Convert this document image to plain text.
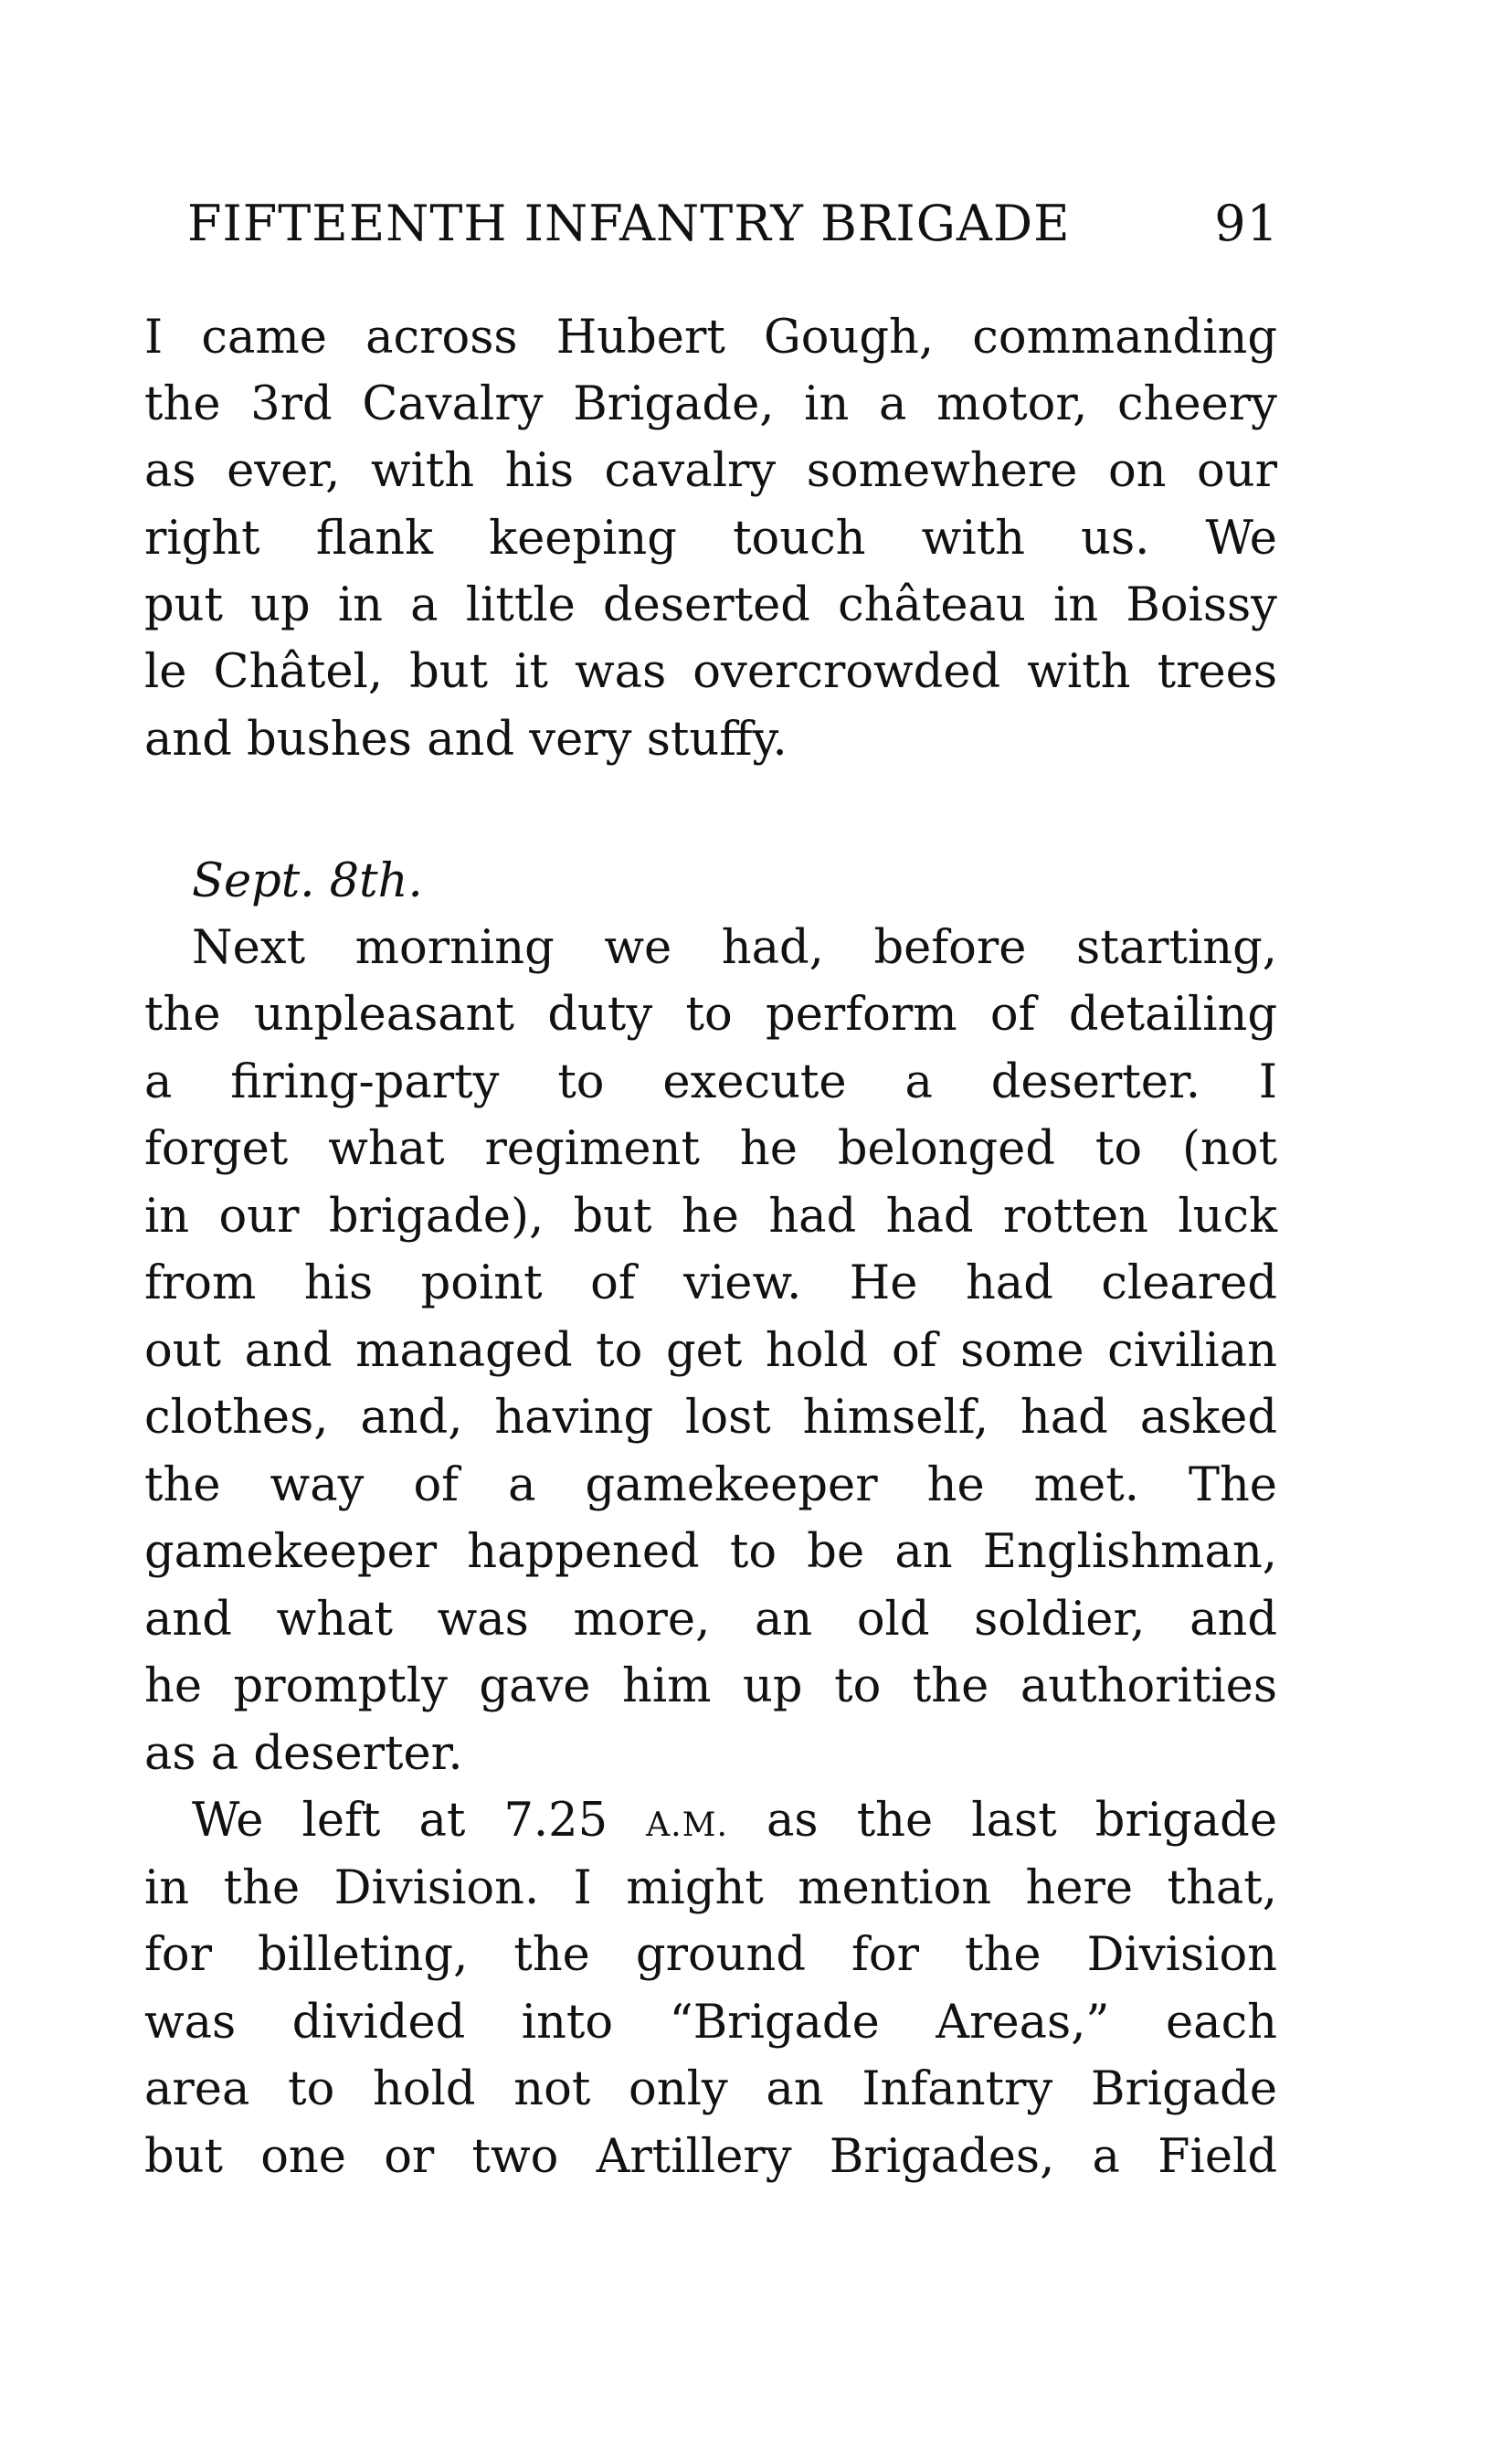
FIFTEENTH INFANTRY BRIGADE	91
I came across Hubert Gough, commanding
the 3rd Cavalry Brigade, in a motor, cheery
as ever, with his cavalry somewhere on our
right flank keeping touch with us. We
put up in a little deserted château in Boissy
le Châtel, but it was overcrowded with trees
and bushes and very stuffy.
Sept. 8th.
Next morning we had, before starting,
the unpleasant duty to perform of detailing
a firing-party to execute a deserter. I
forget what regiment he belonged to (not
in our brigade), but he had had rotten luck
from his point of view. He had cleared
out and managed to get hold of some civilian
clothes, and, having lost himself, had asked
the way of a gamekeeper he met. The
gamekeeper happened to be an Englishman,
and what was more, an old soldier, and
he promptly gave him up to the authorities
as a deserter.
We left at 7.25 A.M. as the last brigade
in the Division. I might mention here that,
for billeting, the ground for the Division
was divided into “Brigade Areas,” each
area to hold not only an Infantry Brigade
but one or two Artillery Brigades, a Field
